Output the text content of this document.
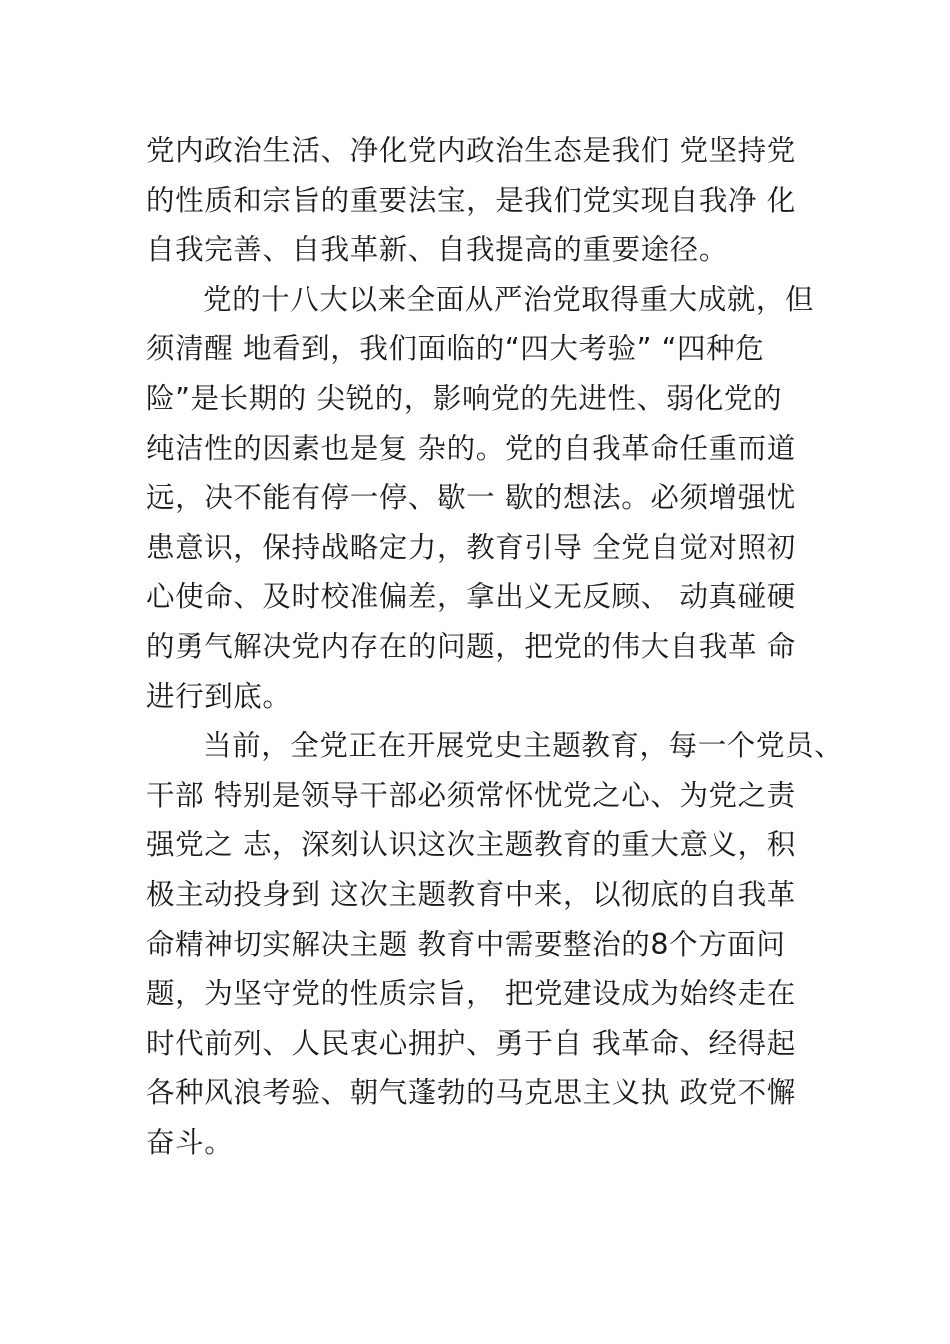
党内政治生活、净化党内政治生态是我们 党坚持党
的性质和宗旨的重要法宝，是我们党实现自我净 化
自我完善、自我革新、自我提高的重要途径。
党的十八大以来全面从严治党取得重大成就，但
须清醒 地看到，我们面临的“四大考验” “四种危
险”是长期的 尖锐的，影响党的先进性、弱化党的
纯洁性的因素也是复 杂的。党的自我革命任重而道
远，决不能有停一停、歇一 歇的想法。必须增强忧
患意识，保持战略定力，教育引导 全党自觉对照初
心使命、及时校准偏差，拿出义无反顾、 动真碰硬
的勇气解决党内存在的问题，把党的伟大自我革 命
进行到底。
当前，全党正在开展党史主题教育，每一个党员、
干部 特别是领导干部必须常怀忧党之心、为党之责
强党之 志，深刻认识这次主题教育的重大意义，积
极主动投身到 这次主题教育中来，以彻底的自我革
命精神切实解决主题 教育中需要整治的8个方面问
题，为坚守党的性质宗旨， 把党建设成为始终走在
时代前列、人民衷心拥护、勇于自 我革命、经得起
各种风浪考验、朝气蓬勃的马克思主义执 政党不懈
奋斗。
